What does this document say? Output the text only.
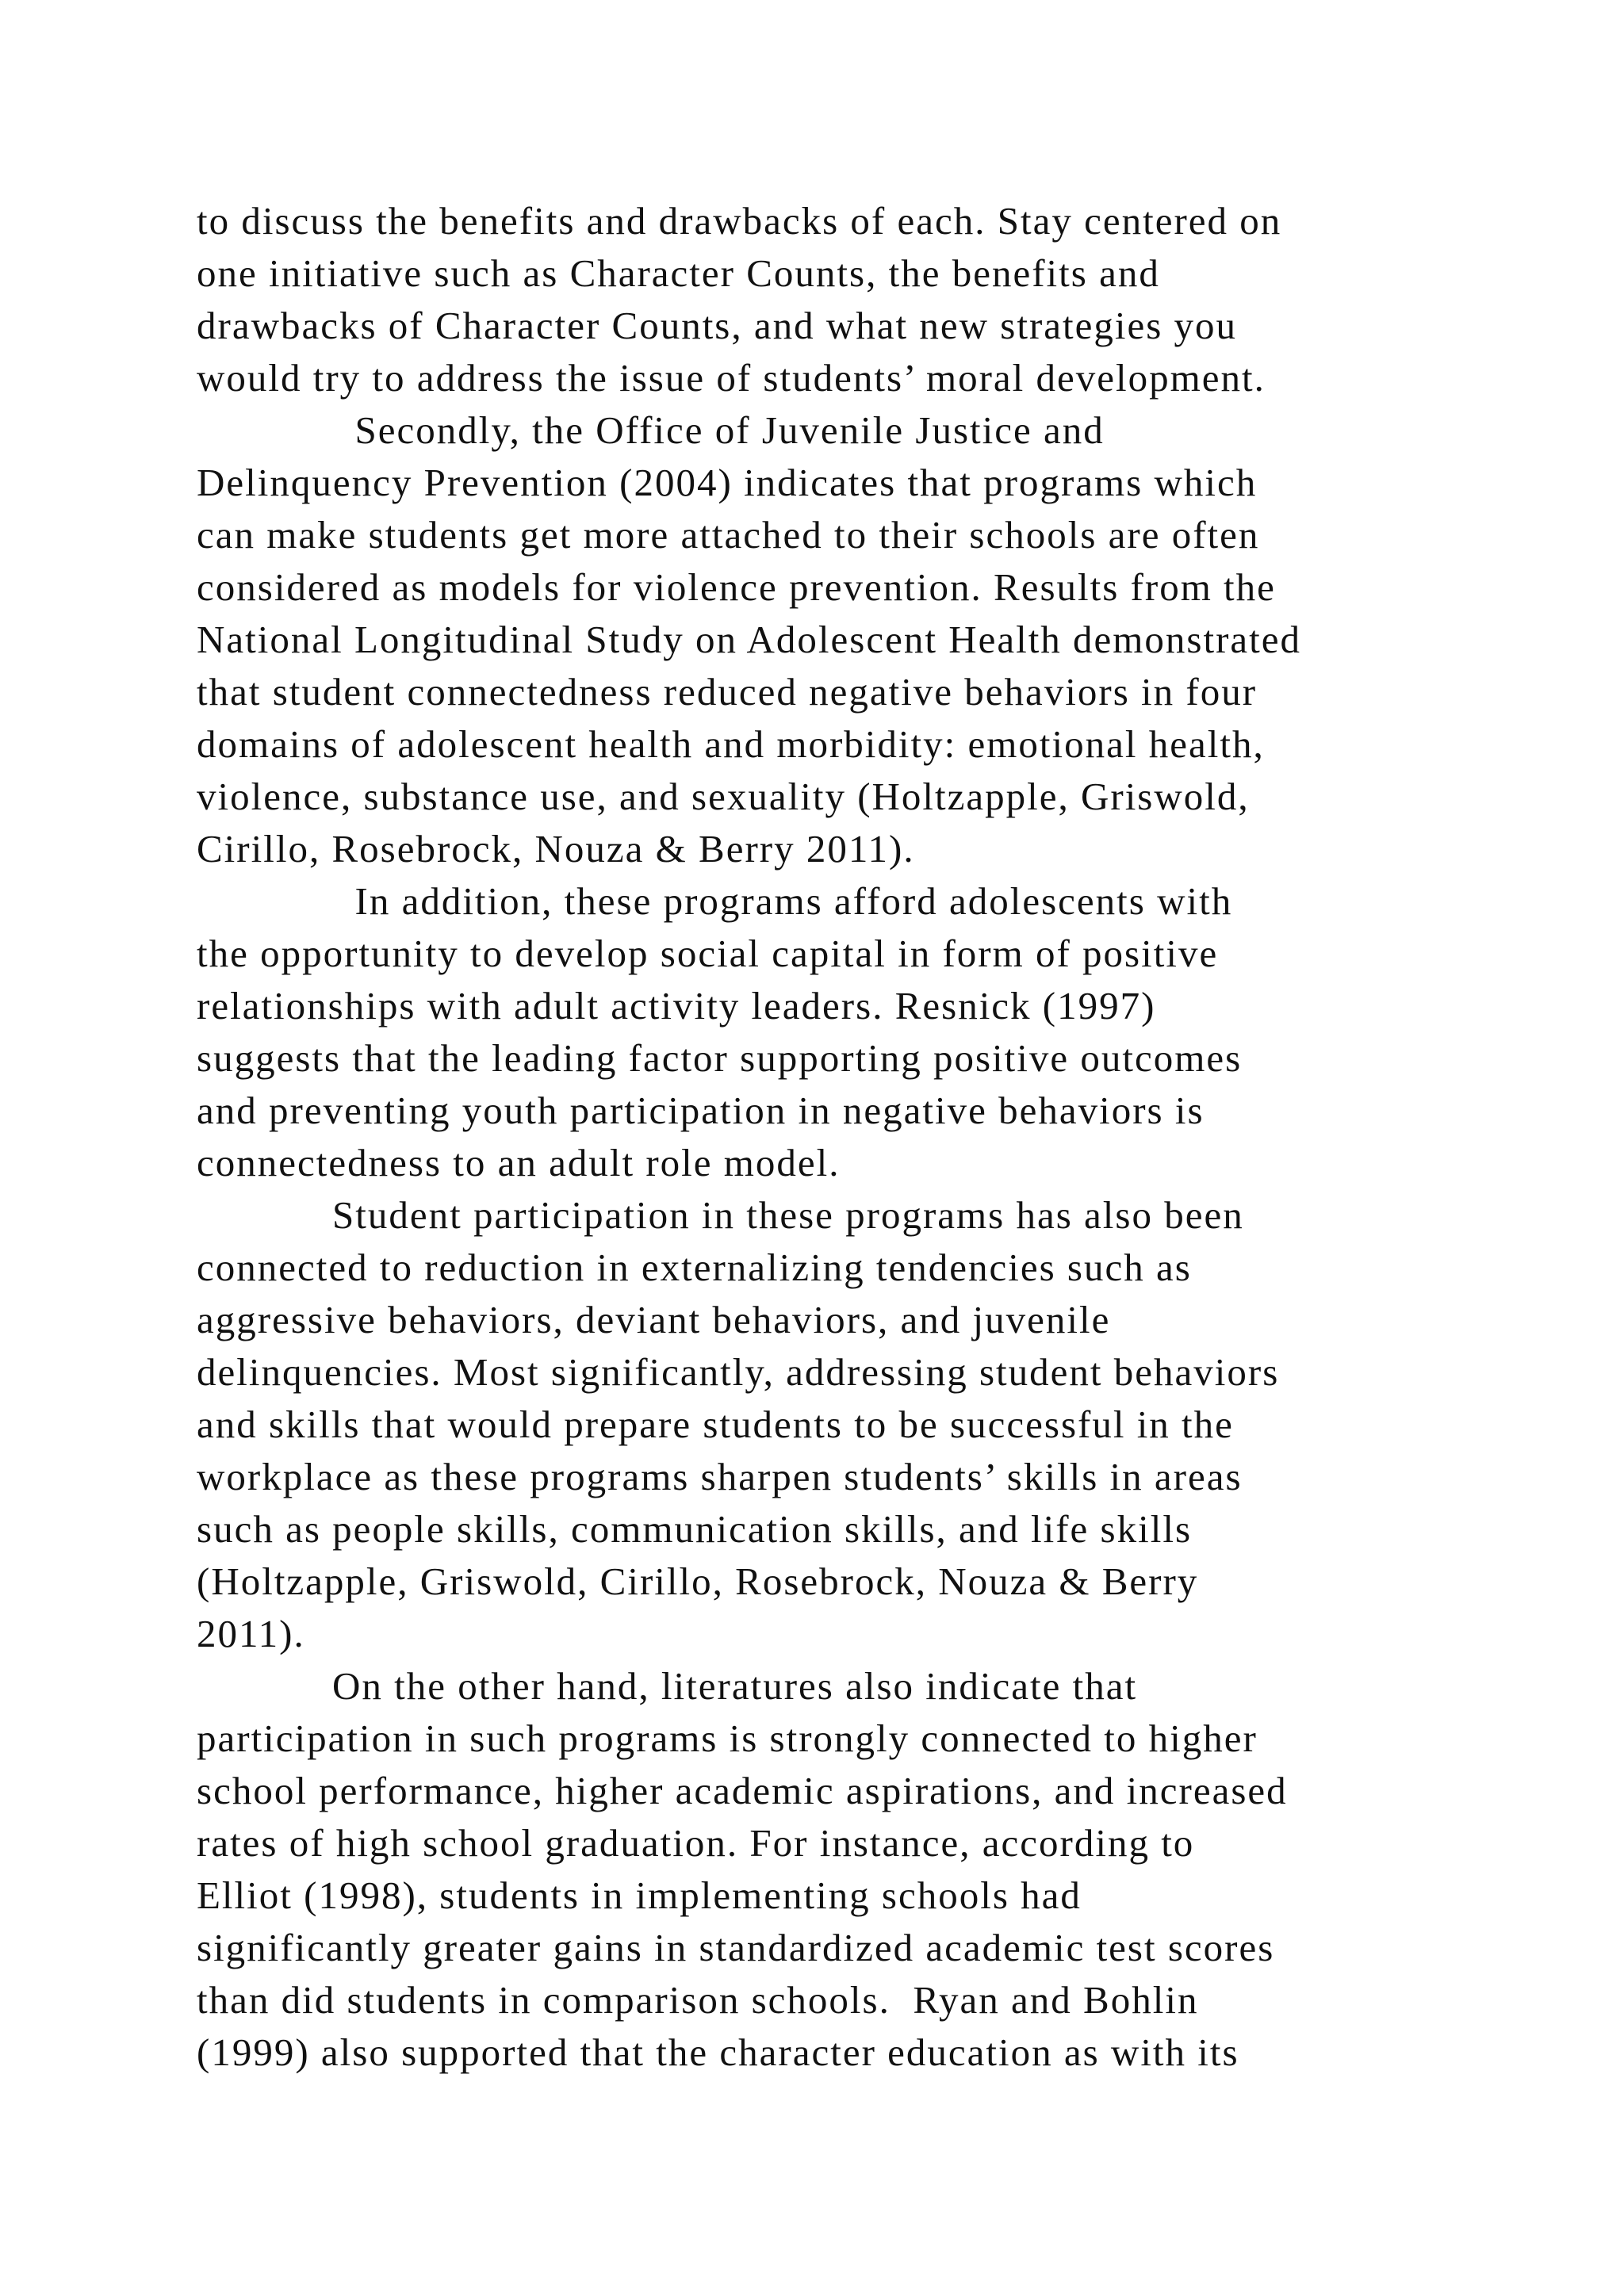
to discuss the benefits and drawbacks of each. Stay centered on
one initiative such as Character Counts, the benefits and
drawbacks of Character Counts, and what new strategies you
would try to address the issue of students’ moral development.
Secondly, the Office of Juvenile Justice and
Delinquency Prevention (2004) indicates that programs which
can make students get more attached to their schools are often
considered as models for violence prevention. Results from the
National Longitudinal Study on Adolescent Health demonstrated
that student connectedness reduced negative behaviors in four
domains of adolescent health and morbidity: emotional health,
violence, substance use, and sexuality (Holtzapple, Griswold,
Cirillo, Rosebrock, Nouza & Berry 2011).
In addition, these programs afford adolescents with
the opportunity to develop social capital in form of positive
relationships with adult activity leaders. Resnick (1997)
suggests that the leading factor supporting positive outcomes
and preventing youth participation in negative behaviors is
connectedness to an adult role model.
Student participation in these programs has also been
connected to reduction in externalizing tendencies such as
aggressive behaviors, deviant behaviors, and juvenile
delinquencies. Most significantly, addressing student behaviors
and skills that would prepare students to be successful in the
workplace as these programs sharpen students’ skills in areas
such as people skills, communication skills, and life skills
(Holtzapple, Griswold, Cirillo, Rosebrock, Nouza & Berry
2011).
On the other hand, literatures also indicate that
participation in such programs is strongly connected to higher
school performance, higher academic aspirations, and increased
rates of high school graduation. For instance, according to
Elliot (1998), students in implementing schools had
significantly greater gains in standardized academic test scores
than did students in comparison schools.  Ryan and Bohlin
(1999) also supported that the character education as with its
